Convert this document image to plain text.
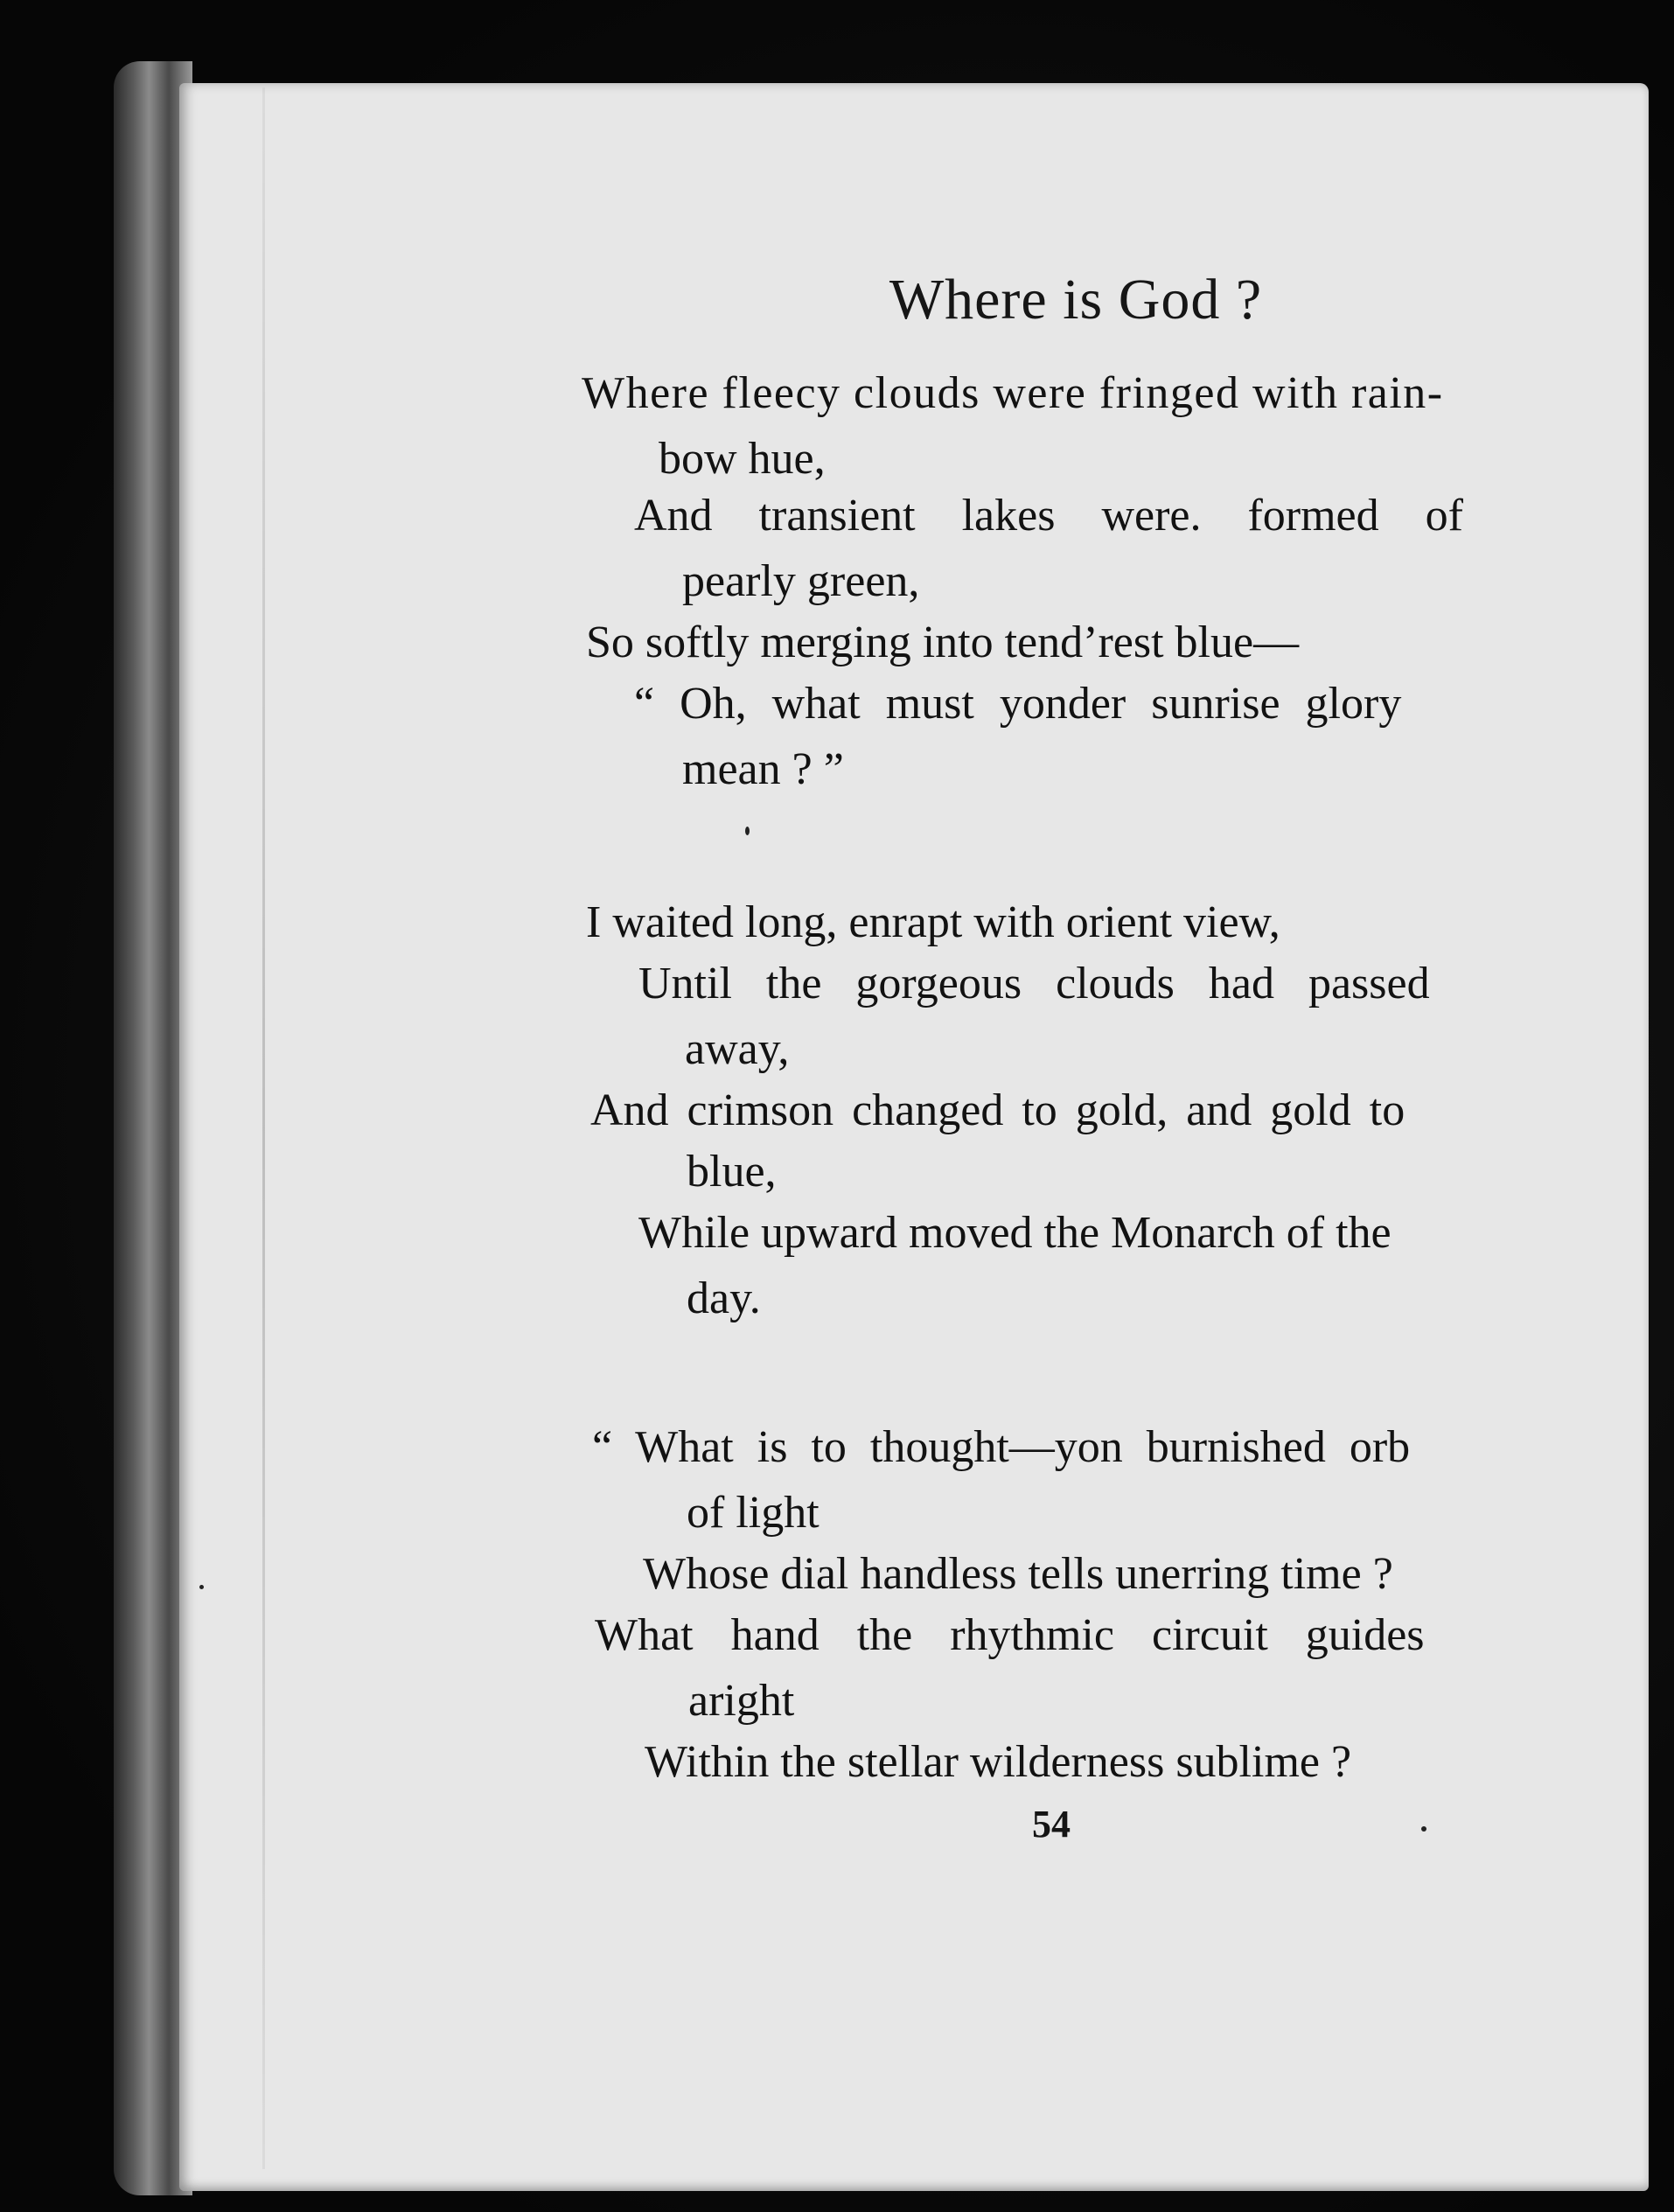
Where is God ?
Where fleecy clouds were fringed with rain-
bow hue,
And transient lakes were. formed of
pearly green,
So softly merging into tend’rest blue—
“ Oh, what must yonder sunrise glory
mean ? ”
I waited long, enrapt with orient view,
Until the gorgeous clouds had passed
away,
And crimson changed to gold, and gold to
blue,
While upward moved the Monarch of the
day.
“ What is to thought—yon burnished orb
of light
Whose dial handless tells unerring time ?
What hand the rhythmic circuit guides
aright
Within the stellar wilderness sublime ?
54
